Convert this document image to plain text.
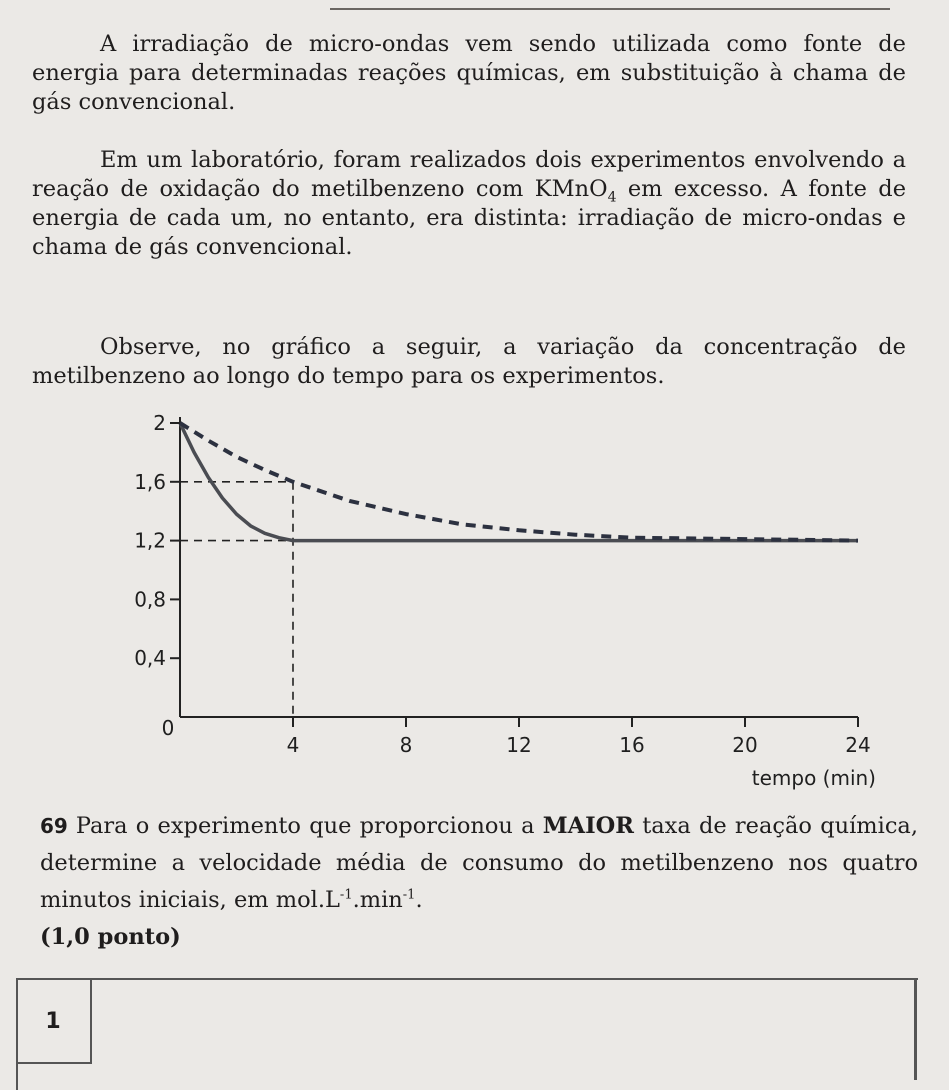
A irradiação de micro-ondas vem sendo utilizada como fonte de energia para determinadas reações químicas, em substituição à chama de gás convencional.

Em um laboratório, foram realizados dois experimentos envolvendo a reação de oxidação do metilbenzeno com KMnO$_4$ em excesso. A fonte de energia de cada um, no entanto, era distinta: irradiação de micro-ondas e chama de gás convencional.

Observe, no gráfico a seguir, a variação da concentração de metilbenzeno ao longo do tempo para os experimentos.

0
4	8	12	16	20	24
0,4
0,8
1,2
1,6
2
tempo (min)
69 Para o experimento que proporcionou a MAIOR taxa de reação química, determine a velocidade média de consumo do metilbenzeno nos quatro minutos iniciais, em $mol.L^{-1}.\min^{-1}$.
(1,0 ponto)
1
